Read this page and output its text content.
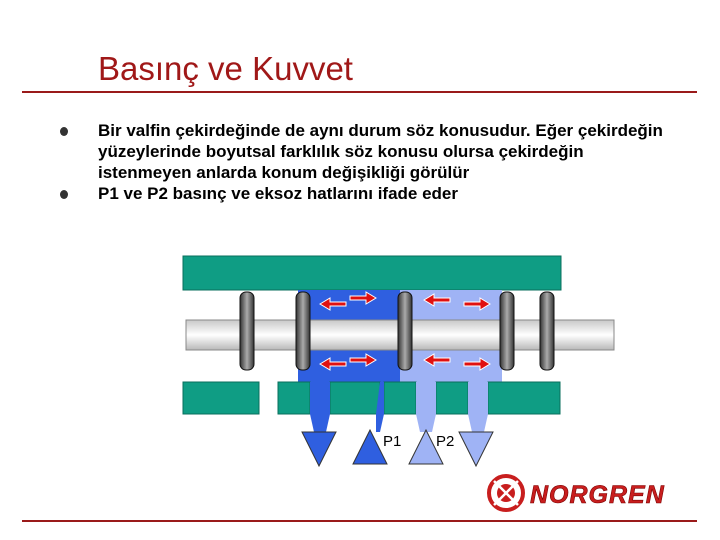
Basınç ve Kuvvet
Bir valfin çekirdeğinde de aynı durum söz konusudur. Eğer çekirdeğin yüzeylerinde boyutsal farklılık söz konusu olursa çekirdeğin istenmeyen anlarda konum değişikliği görülür
P1 ve P2 basınç ve eksoz hatlarını ifade eder
P1 P2
NORGREN
